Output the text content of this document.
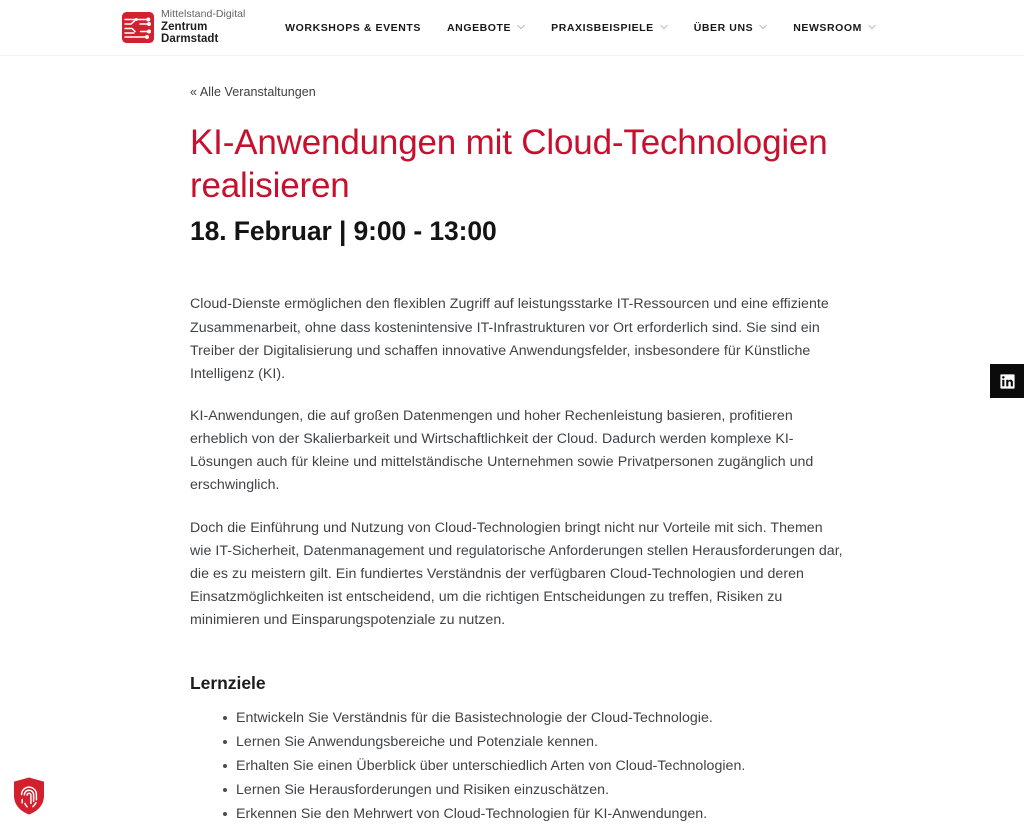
Mittelstand-Digital
Zentrum
Darmstadt
WORKSHOPS & EVENTS ANGEBOTE	PRAXISBEISPIELE	ÜBER UNS	NEWSROOM
« Alle Veranstaltungen
KI-Anwendungen mit Cloud-Technologien realisieren
18. Februar | 9:00 - 13:00

Cloud-Dienste ermöglichen den flexiblen Zugriff auf leistungsstarke IT-Ressourcen und eine effiziente Zusammenarbeit, ohne dass kostenintensive IT-Infrastrukturen vor Ort erforderlich sind. Sie sind ein Treiber der Digitalisierung und schaffen innovative Anwendungsfelder, insbesondere für Künstliche Intelligenz (KI).

KI-Anwendungen, die auf großen Datenmengen und hoher Rechenleistung basieren, profitieren erheblich von der Skalierbarkeit und Wirtschaftlichkeit der Cloud. Dadurch werden komplexe KI-Lösungen auch für kleine und mittelständische Unternehmen sowie Privatpersonen zugänglich und erschwinglich.

Doch die Einführung und Nutzung von Cloud-Technologien bringt nicht nur Vorteile mit sich. Themen wie IT-Sicherheit, Datenmanagement und regulatorische Anforderungen stellen Herausforderungen dar, die es zu meistern gilt. Ein fundiertes Verständnis der verfügbaren Cloud-Technologien und deren Einsatzmöglichkeiten ist entscheidend, um die richtigen Entscheidungen zu treffen, Risiken zu minimieren und Einsparungspotenziale zu nutzen.

Lernziele
Entwickeln Sie Verständnis für die Basistechnologie der Cloud-Technologie.
Lernen Sie Anwendungsbereiche und Potenziale kennen.
Erhalten Sie einen Überblick über unterschiedlich Arten von Cloud-Technologien.
Lernen Sie Herausforderungen und Risiken einzuschätzen.
Erkennen Sie den Mehrwert von Cloud-Technologien für KI-Anwendungen.
